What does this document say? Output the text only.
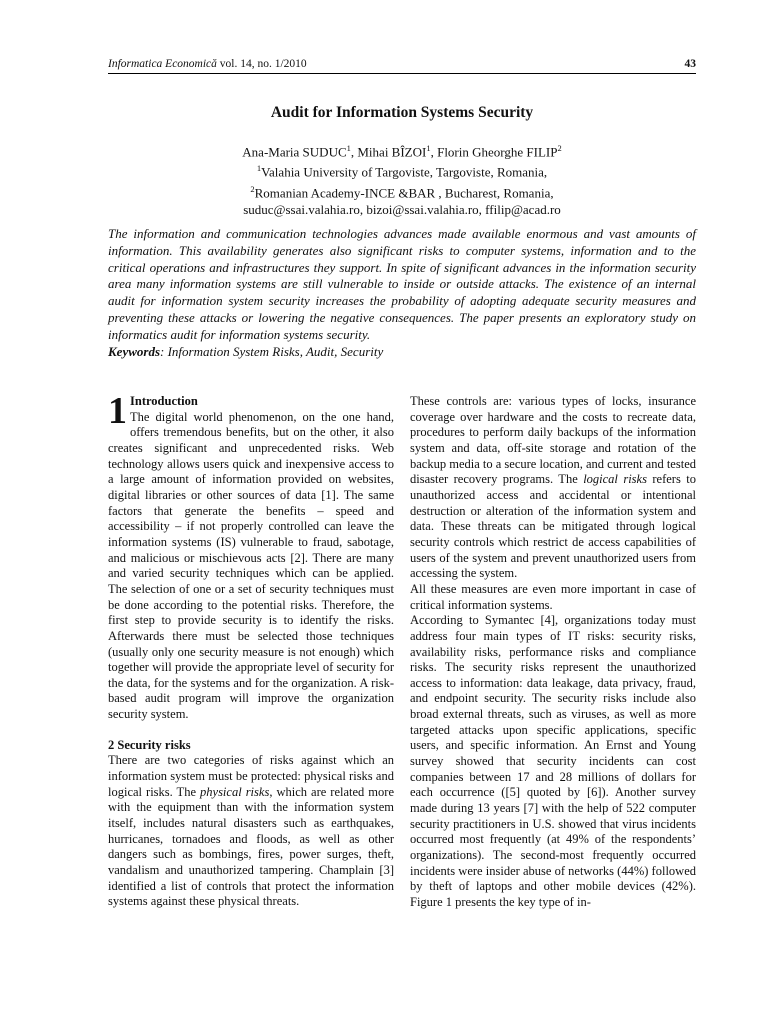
Informatica Economică vol. 14, no. 1/2010	43
Audit for Information Systems Security
Ana-Maria SUDUC$^1$, Mihai BÎZOI$^1$, Florin Gheorghe FILIP$^2$
$^1$Valahia University of Targoviste, Targoviste, Romania,
$^2$Romanian Academy-INCE &BAR , Bucharest, Romania,
suduc@ssai.valahia.ro, bizoi@ssai.valahia.ro, ffilip@acad.ro

The information and communication technologies advances made available enormous and vast amounts of information. This availability generates also significant risks to computer systems, information and to the critical operations and infrastructures they support. In spite of significant advances in the information security area many information systems are still vulnerable to inside or outside attacks. The existence of an internal audit for information system security increases the probability of adopting adequate security measures and preventing these attacks or lowering the negative consequences. The paper presents an exploratory study on informatics audit for information systems security.

Keywords: Information System Risks, Audit, Security

1 Introduction

The digital world phenomenon, on the one hand, offers tremendous benefits, but on the other, it also creates significant and unprecedented risks. Web technology allows users quick and inexpensive access to a large amount of information provided on websites, digital libraries or other sources of data [1]. The same factors that generate the benefits – speed and accessibility – if not properly controlled can leave the information systems (IS) vulnerable to fraud, sabotage, and malicious or mischievous acts [2]. There are many and varied security techniques which can be applied. The selection of one or a set of security techniques must be done according to the potential risks. Therefore, the first step to provide security is to identify the risks. Afterwards there must be selected those techniques (usually only one security measure is not enough) which together will provide the appropriate level of security for the data, for the systems and for the organization. A risk-based audit program will improve the organization security system.

2 Security risks

There are two categories of risks against which an information system must be protected: physical risks and logical risks. The physical risks, which are related more with the equipment than with the information system itself, includes natural disasters such as earthquakes, hurricanes, tornadoes and floods, as well as other dangers such as bombings, fires, power surges, theft, vandalism and unauthorized tampering. Champlain [3] identified a list of controls that protect the information systems against these physical threats.

These controls are: various types of locks, insurance coverage over hardware and the costs to recreate data, procedures to perform daily backups of the information system and data, off-site storage and rotation of the backup media to a secure location, and current and tested disaster recovery programs. The logical risks refers to unauthorized access and accidental or intentional destruction or alteration of the information system and data. These threats can be mitigated through logical security controls which restrict de access capabilities of users of the system and prevent unauthorized users from accessing the system.

All these measures are even more important in case of critical information systems.

According to Symantec [4], organizations today must address four main types of IT risks: security risks, availability risks, performance risks and compliance risks. The security risks represent the unauthorized access to information: data leakage, data privacy, fraud, and endpoint security. The security risks include also broad external threats, such as viruses, as well as more targeted attacks upon specific applications, specific users, and specific information. An Ernst and Young survey showed that security incidents can cost companies between 17 and 28 millions of dollars for each occurrence ([5] quoted by [6]). Another survey made during 13 years [7] with the help of 522 computer security practitioners in U.S. showed that virus incidents occurred most frequently (at 49% of the respondents’ organizations). The second-most frequently occurred incidents were insider abuse of networks (44%) followed by theft of laptops and other mobile devices (42%). Figure 1 presents the key type of in-
